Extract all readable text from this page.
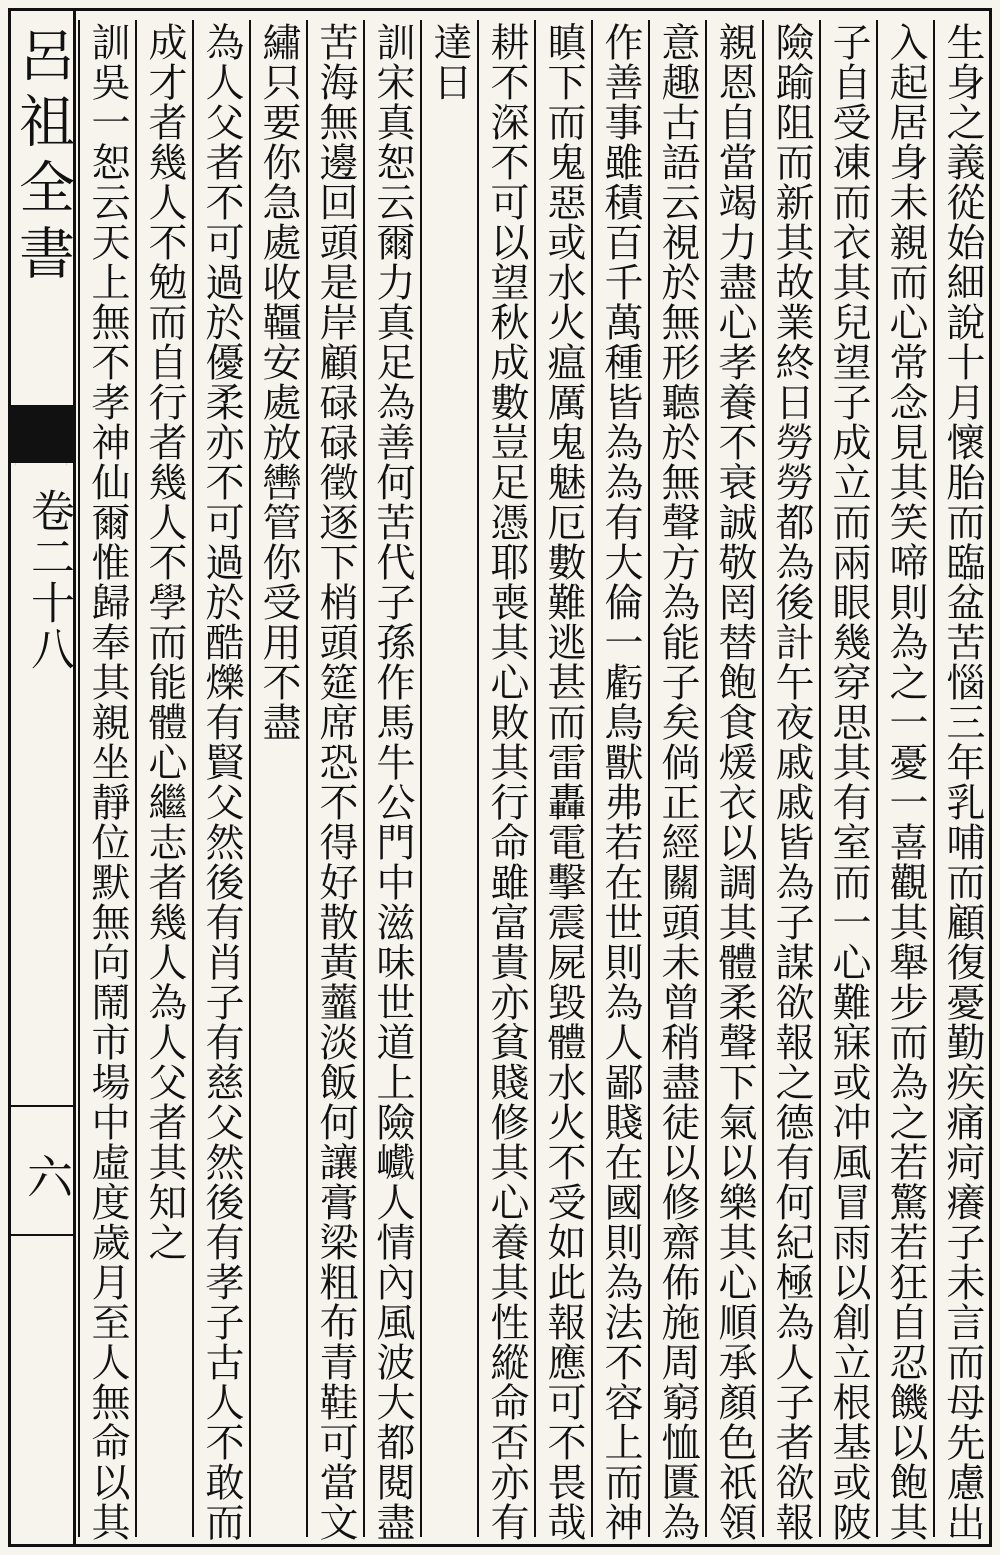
呂祖全書
卷二十八
六	生身之義從始細說十月懷胎而臨盆苦惱三年乳哺而顧復憂勤疾痛疴癢子未言而母先慮出
入起居身未親而心常念見其笑啼則為之一憂一喜觀其舉步而為之若驚若狂自忍饑以飽其
子自受凍而衣其兒望子成立而兩眼幾穿思其有室而一心難寐或冲風冒雨以創立根基或陂
險踰阻而新其故業終日勞勞都為後計午夜戚戚皆為子謀欲報之德有何紀極為人子者欲報
親恩自當竭力盡心孝養不衰誠敬罔替飽食煖衣以調其體柔聲下氣以樂其心順承顏色祇領
意趣古語云視於無形聽於無聲方為能子矣倘正經關頭未曾稍盡徒以修齋佈施周窮恤匱為
作善事雖積百千萬種皆為為有大倫一虧鳥獸弗若在世則為人鄙賤在國則為法不容上而神
瞋下而鬼惡或水火瘟厲鬼魅厄數難逃甚而雷轟電擊震屍毀體水火不受如此報應可不畏哉
耕不深不可以望秋成數豈足憑耶喪其心敗其行命雖富貴亦貧賤修其心養其性縱命否亦有
達日
訓宋真恕云爾力真足為善何苦代子孫作馬牛公門中滋味世道上險巇人情內風波大都閱盡
苦海無邊回頭是岸顧碌碌徵逐下梢頭筵席恐不得好散黃虀淡飯何讓膏梁粗布青鞋可當文
繡只要你急處收韁安處放轡管你受用不盡
為人父者不可過於優柔亦不可過於酷爍有賢父然後有肖子有慈父然後有孝子古人不敢而
成才者幾人不勉而自行者幾人不學而能體心繼志者幾人為人父者其知之
訓吳一恕云天上無不孝神仙爾惟歸奉其親坐靜位默無向鬧市場中虛度歲月至人無命以其
